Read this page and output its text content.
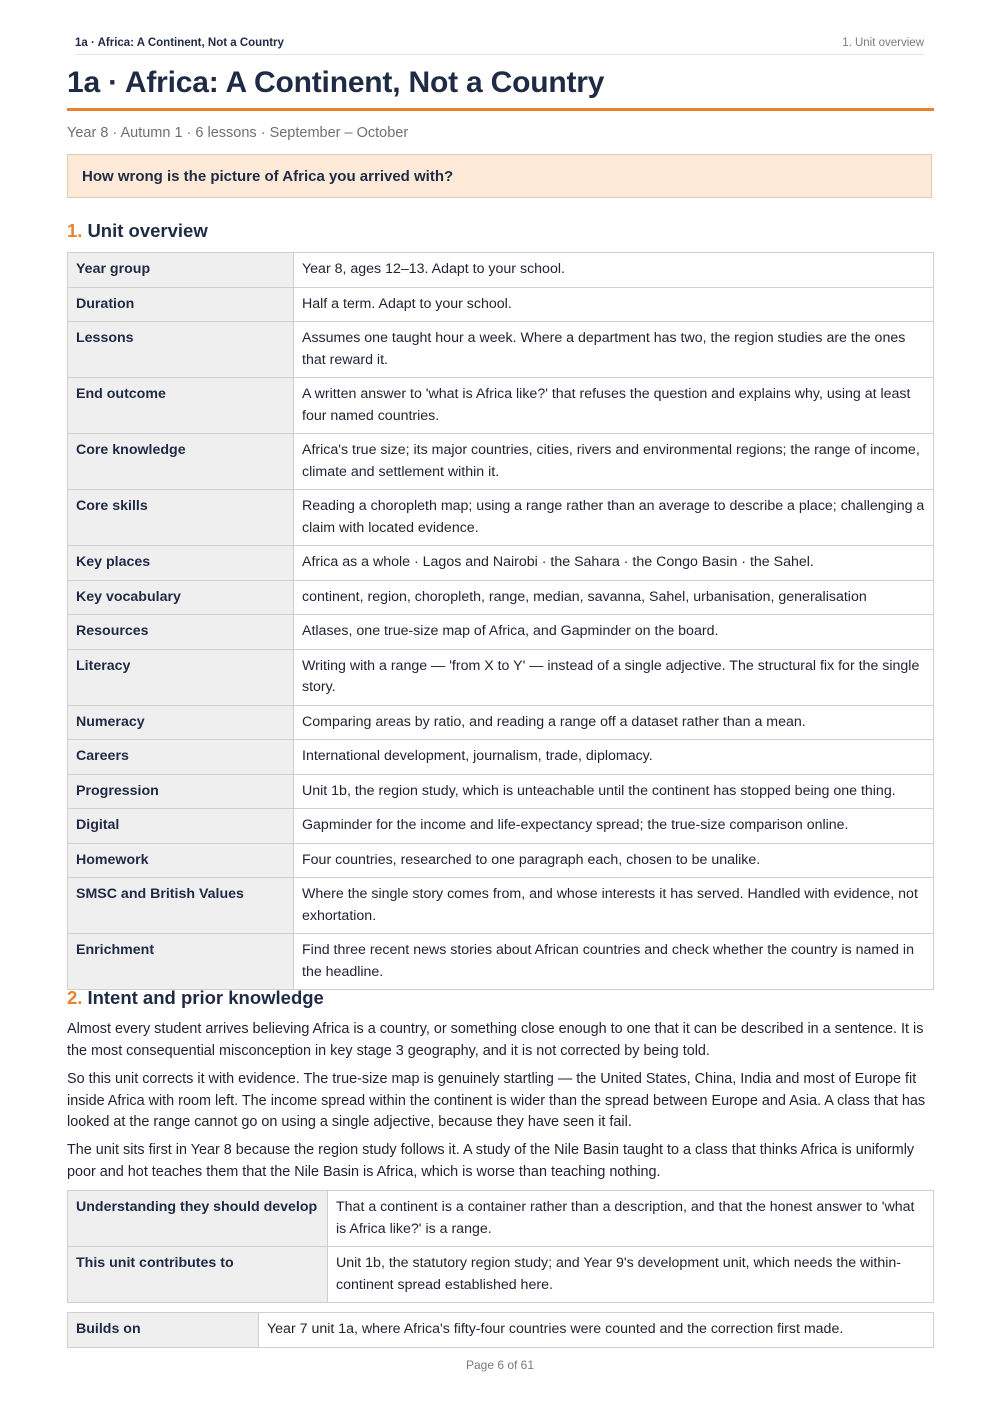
1a · Africa: A Continent, Not a Country	1. Unit overview
1a · Africa: A Continent, Not a Country
Year 8 · Autumn 1 · 6 lessons · September – October
How wrong is the picture of Africa you arrived with?
1. Unit overview
Year group	Year 8, ages 12–13. Adapt to your school.
Duration	Half a term. Adapt to your school.
Lessons	Assumes one taught hour a week. Where a department has two, the region studies are the ones that reward it.
End outcome	A written answer to 'what is Africa like?' that refuses the question and explains why, using at least four named countries.
Core knowledge	Africa's true size; its major countries, cities, rivers and environmental regions; the range of income, climate and settlement within it.
Core skills	Reading a choropleth map; using a range rather than an average to describe a place; challenging a claim with located evidence.
Key places	Africa as a whole · Lagos and Nairobi · the Sahara · the Congo Basin · the Sahel.
Key vocabulary	continent, region, choropleth, range, median, savanna, Sahel, urbanisation, generalisation
Resources	Atlases, one true-size map of Africa, and Gapminder on the board.
Literacy	Writing with a range — 'from X to Y' — instead of a single adjective. The structural fix for the single story.
Numeracy	Comparing areas by ratio, and reading a range off a dataset rather than a mean.
Careers	International development, journalism, trade, diplomacy.
Progression	Unit 1b, the region study, which is unteachable until the continent has stopped being one thing.
Digital	Gapminder for the income and life-expectancy spread; the true-size comparison online.
Homework	Four countries, researched to one paragraph each, chosen to be unalike.
SMSC and British Values	Where the single story comes from, and whose interests it has served. Handled with evidence, not exhortation.
Enrichment	Find three recent news stories about African countries and check whether the country is named in the headline.
2. Intent and prior knowledge

Almost every student arrives believing Africa is a country, or something close enough to one that it can be described in a sentence. It is the most consequential misconception in key stage 3 geography, and it is not corrected by being told.

So this unit corrects it with evidence. The true-size map is genuinely startling — the United States, China, India and most of Europe fit inside Africa with room left. The income spread within the continent is wider than the spread between Europe and Asia. A class that has looked at the range cannot go on using a single adjective, because they have seen it fail.

The unit sits first in Year 8 because the region study follows it. A study of the Nile Basin taught to a class that thinks Africa is uniformly poor and hot teaches them that the Nile Basin is Africa, which is worse than teaching nothing.

Understanding they should develop	That a continent is a container rather than a description, and that the honest answer to 'what is Africa like?' is a range.
This unit contributes to	Unit 1b, the statutory region study; and Year 9's development unit, which needs the within-continent spread established here.
Builds on	Year 7 unit 1a, where Africa's fifty-four countries were counted and the correction first made.
Page 6 of 61
